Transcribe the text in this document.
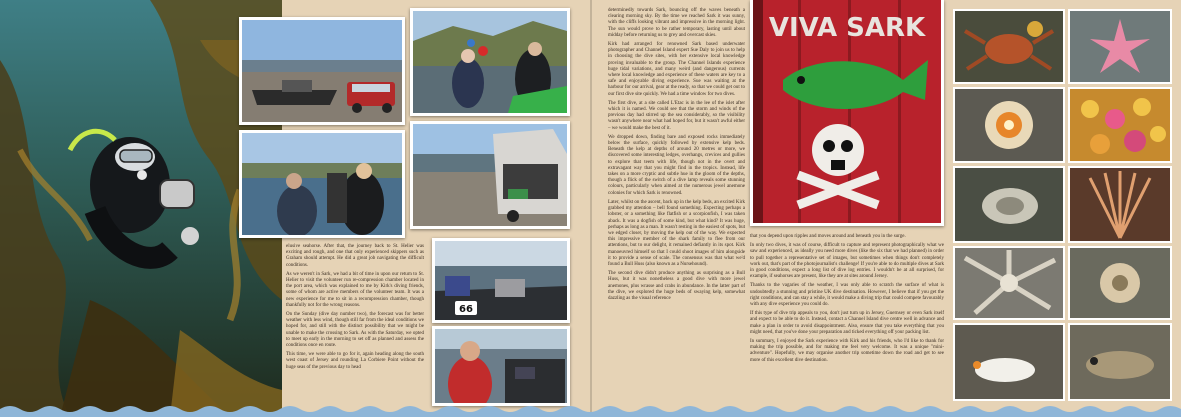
66

elusive seahorse. After that, the journey back to St. Helier was exciting and rough, and one that only experienced skippers such as Graham should attempt. He did a great job navigating the difficult conditions.

As we weren't in Sark, we had a bit of time in upon our return to St. Helier to visit the volunteer run re-compression chamber located in the port area, which was explained to me by Kirk's diving friends, some of whom are active members of the volunteer team. It was a new experience for me to sit in a recompression chamber, though thankfully not for the wrong reasons.

On the Sunday (dive day number two), the forecast was for better weather with less wind, though still far from the ideal conditions we hoped for, and still with the distinct possibility that we might be unable to make the crossing to Sark. As with the Saturday, we opted to meet up early in the morning to set off as planned and assess the conditions once en route.

This time, we were able to go for it, again heading along the south west coast of Jersey and rounding La Corbiere Point without the huge seas of the previous day to head

determinedly towards Sark, bouncing off the waves beneath a clearing morning sky. By the time we reached Sark it was sunny, with the cliffs looking vibrant and impressive in the morning light. The sun would prove to be rather temporary, lasting until about midday before returning us to grey and overcast skies.

Kirk had arranged for renowned Sark based underwater photographer and Channel Island expert Sue Daly to join us to help in choosing the dive sites, with her extensive local knowledge proving invaluable to the group. The Channel Islands experience huge tidal variations, and many weird (and dangerous) currents where local knowledge and experience of these waters are key to a safe and enjoyable diving experience. Sue was waiting at the harbour for our arrival, gear at the ready, so that we could get out to our first dive site quickly. We had a time window for two dives.

The first dive, at a site called L'Etac is in the lee of the islet after which it is named. We could see that the storm and winds of the previous day had stirred up the sea considerably, so the visibility wasn't anywhere near what had hoped for, but it wasn't awful either – we would make the best of it.

We dropped down, finding bare and exposed rocks immediately below the surface, quickly followed by extensive kelp beds. Beneath the kelp at depths of around 20 metres or more, we discovered some interesting ledges, overhangs, crevices and gullies to explore that teem with life, though not in the overt and extravagant way that you might find in the tropics. Instead, life takes on a more cryptic and subtle hue in the gloom of the depths, though a flick of the switch of a dive lamp reveals some stunning colours, particularly when aimed at the numerous jewel anemone colonies for which Sark is renowned.

Later, whilst on the ascent, back up in the kelp beds, an excited Kirk grabbed my attention – bell found something. Expecting perhaps a lobster, or a something like flatfish or a scorpionfish, I was taken aback. It was a dogfish of some kind, but what kind? It was huge, perhaps as long as a man. It wasn't resting in the easiest of spots, but we edged closer, by moving the kelp out of the way. We expected this impressive member of the shark family to flee from our attentions, but to our delight, it remained defiantly in its spot. Kirk manoeuvred himself so that I could shoot images of him alongside it to provide a sense of scale. The consensus was that what we'd found a Bull Huss (also known as a Nursehound).

The second dive didn't produce anything as surprising as a Bull Huss, but it was nonetheless a good dive with more jewel anemones, plus wrasse and crabs in abundance. In the latter part of the dive, we explored the huge beds of swaying kelp, somewhat dazzling as the visual reference

VIVA SARK

that you depend upon ripples and moves around and beneath you in the surge.

In only two dives, it was of course, difficult to capture and represent photographically what we saw and experienced, as ideally you need more dives (like the six that we had planned) in order to pull together a representative set of images, but sometimes when things don't completely work out, that's part of the photojournalist's challenge! If you're able to do multiple dives at Sark in good conditions, expect a long list of dive log entries. I wouldn't be at all surprised, for example, if seahorses are present, like they are at sites around Jersey.

Thanks to the vagaries of the weather, I was only able to scratch the surface of what is undoubtedly a stunning and pristine UK dive destination. However, I believe that if you get the right conditions, and can stay a while, it would make a diving trip that could compete favourably with any dive experience you could do.

If this type of dive trip appeals to you, don't just turn up in Jersey, Guernsey or even Sark itself and expect to be able to do it. Instead, contact a Channel Island dive centre well in advance and make a plan in order to avoid disappointment. Also, ensure that you take everything that you might need, that you've done your preparation and ticked everything off your packing list.

In summary, I enjoyed the Sark experience with Kirk and his friends, who I'd like to thank for making the trip possible, and for making me feel very welcome. It was a unique "mini-adventure". Hopefully, we may organise another trip sometime down the road and get to see more of this excellent dive destination.
